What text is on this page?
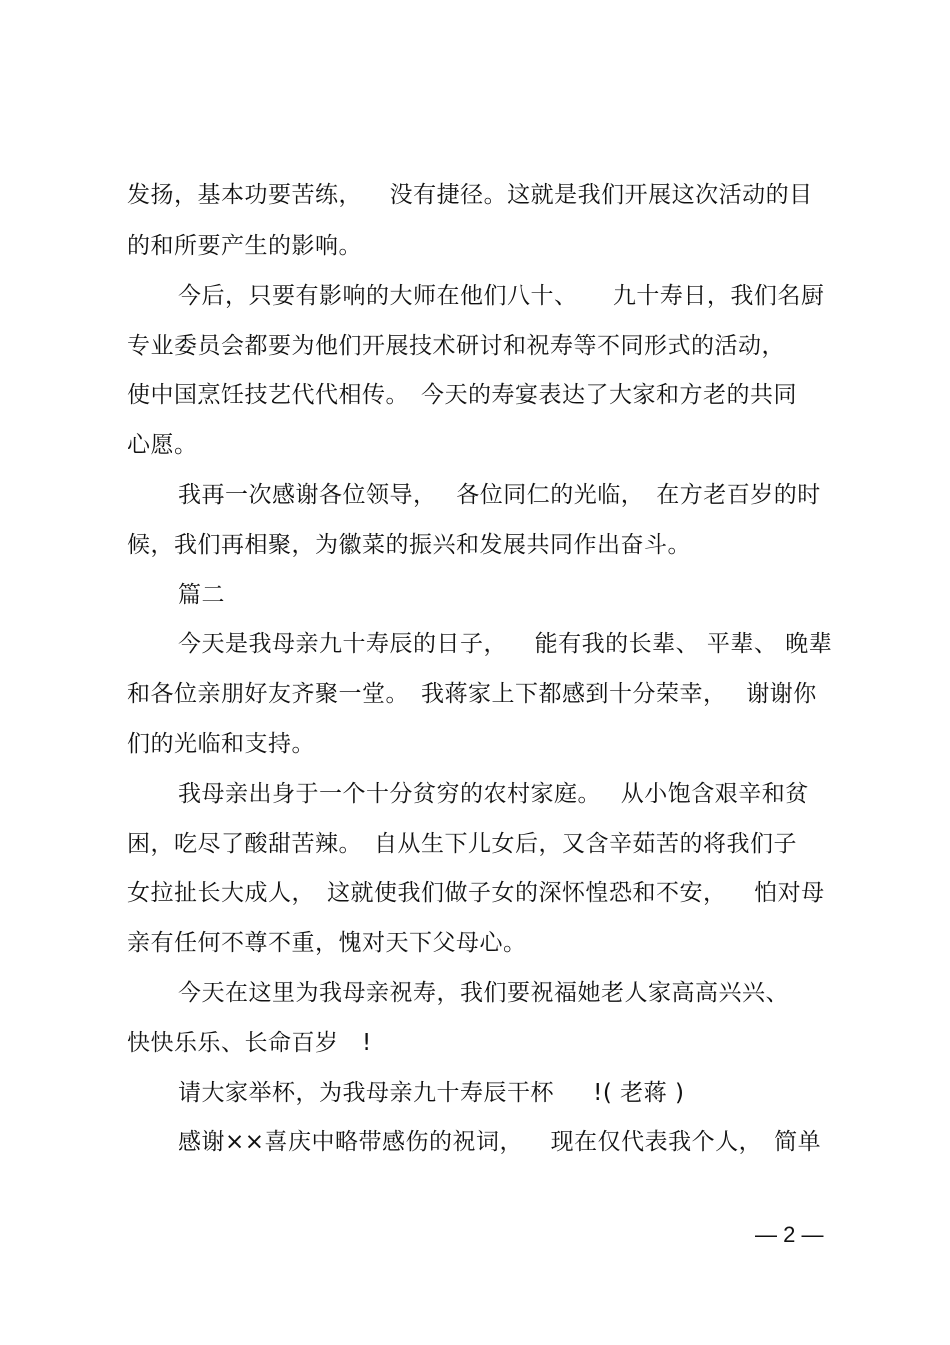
发扬，基本功要苦练，　  没有捷径。这就是我们开展这次活动的目
的和所要产生的影响。
今后，只要有影响的大师在他们八十、　   九十寿日，我们名厨
专业委员会都要为他们开展技术研讨和祝寿等不同形式的活动，
使中国烹饪技艺代代相传。　今天的寿宴表达了大家和方老的共同
心愿。
我再一次感谢各位领导，　 各位同仁的光临，　在方老百岁的时
候，我们再相聚，为徽菜的振兴和发展共同作出奋斗。
篇二
今天是我母亲九十寿辰的日子，　  能有我的长辈、 平辈、 晚辈
和各位亲朋好友齐聚一堂。　我蒋家上下都感到十分荣幸，　 谢谢你
们的光临和支持。
我母亲出身于一个十分贫穷的农村家庭。　 从小饱含艰辛和贫
困，吃尽了酸甜苦辣。　自从生下儿女后，又含辛茹苦的将我们子
女拉扯长大成人，　这就使我们做子女的深怀惶恐和不安，　  怕对母
亲有任何不尊不重，愧对天下父母心。
今天在这里为我母亲祝寿，我们要祝福她老人家高高兴兴、
快快乐乐、长命百岁　!
请大家举杯，为我母亲九十寿辰干杯　  !( 老蒋 )
感谢××喜庆中略带感伤的祝词，　  现在仅代表我个人，　简单
— 2 —
